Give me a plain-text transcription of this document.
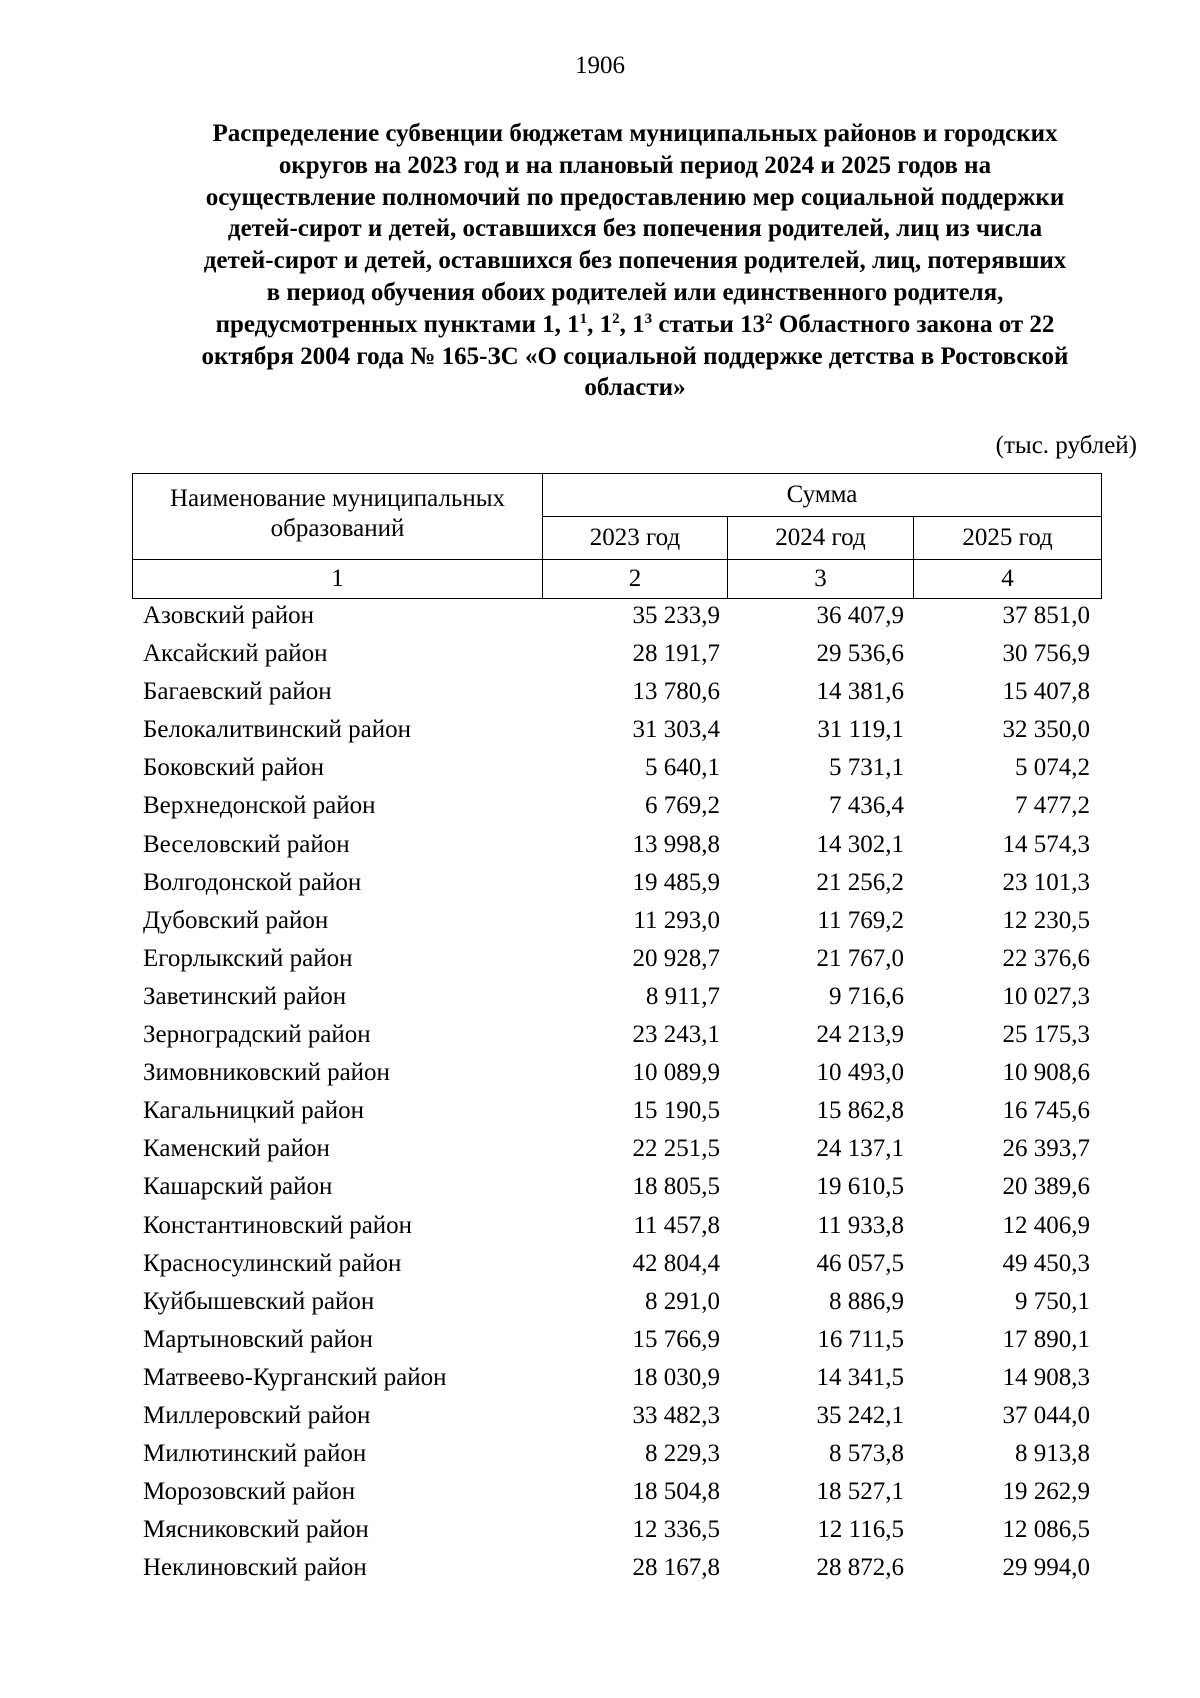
1906
Распределение субвенции бюджетам муниципальных районов и городских
округов на 2023 год и на плановый период 2024 и 2025 годов на
осуществление полномочий по предоставлению мер социальной поддержки
детей-сирот и детей, оставшихся без попечения родителей, лиц из числа
детей-сирот и детей, оставшихся без попечения родителей, лиц, потерявших
в период обучения обоих родителей или единственного родителя,
предусмотренных пунктами 1, $1^1$, $1^2$, $1^3$ статьи $13^2$ Областного закона от 22
октября 2004 года № 165-ЗС «О социальной поддержке детства в Ростовской
области»
(тыс. рублей)
Наименование муниципальных образований	Сумма		
	2023 год	2024 год	2025 год
1	2	3	4
Азовский район	35 233,9	36 407,9	37 851,0
Аксайский район	28 191,7	29 536,6	30 756,9
Багаевский район	13 780,6	14 381,6	15 407,8
Белокалитвинский район	31 303,4	31 119,1	32 350,0
Боковский район	5 640,1	5 731,1	5 074,2
Верхнедонской район	6 769,2	7 436,4	7 477,2
Веселовский район	13 998,8	14 302,1	14 574,3
Волгодонской район	19 485,9	21 256,2	23 101,3
Дубовский район	11 293,0	11 769,2	12 230,5
Егорлыкский район	20 928,7	21 767,0	22 376,6
Заветинский район	8 911,7	9 716,6	10 027,3
Зерноградский район	23 243,1	24 213,9	25 175,3
Зимовниковский район	10 089,9	10 493,0	10 908,6
Кагальницкий район	15 190,5	15 862,8	16 745,6
Каменский район	22 251,5	24 137,1	26 393,7
Кашарский район	18 805,5	19 610,5	20 389,6
Константиновский район	11 457,8	11 933,8	12 406,9
Красносулинский район	42 804,4	46 057,5	49 450,3
Куйбышевский район	8 291,0	8 886,9	9 750,1
Мартыновский район	15 766,9	16 711,5	17 890,1
Матвеево-Курганский район	18 030,9	14 341,5	14 908,3
Миллеровский район	33 482,3	35 242,1	37 044,0
Милютинский район	8 229,3	8 573,8	8 913,8
Морозовский район	18 504,8	18 527,1	19 262,9
Мясниковский район	12 336,5	12 116,5	12 086,5
Неклиновский район	28 167,8	28 872,6	29 994,0
